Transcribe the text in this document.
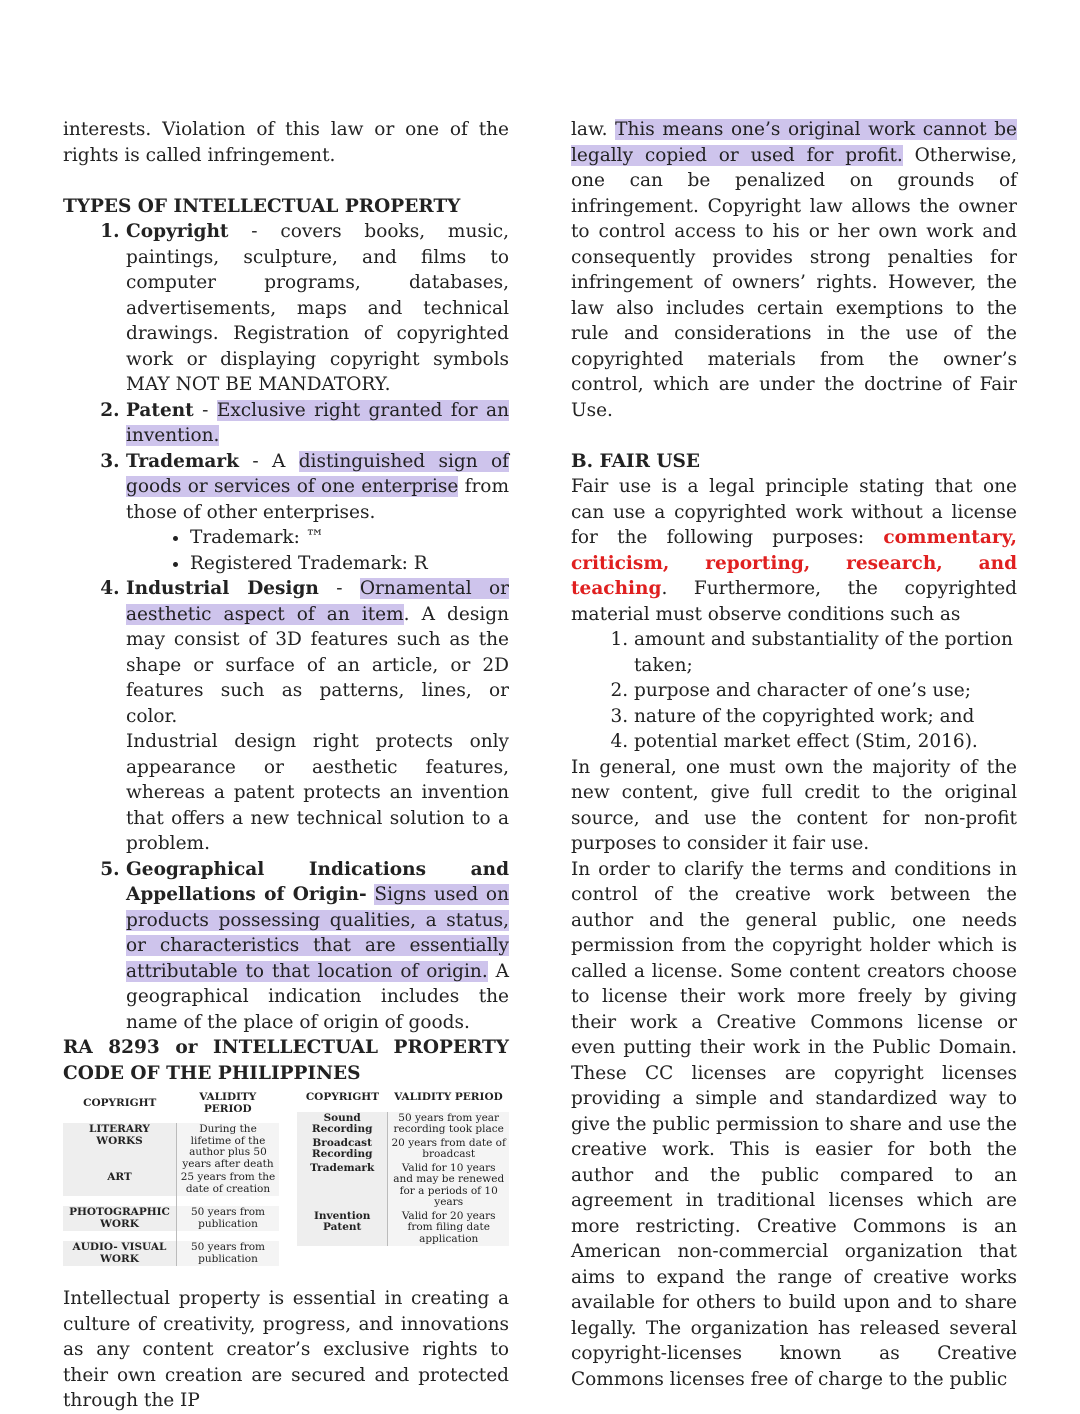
interests. Violation of this law or one of the rights is called infringement.

TYPES OF INTELLECTUAL PROPERTY

1. Copyright - covers books, music, paintings, sculpture, and films to computer programs, databases, advertisements, maps and technical drawings. Registration of copyrighted work or displaying copyright symbols MAY NOT BE MANDATORY.
2. Patent - Exclusive right granted for an invention.
3. Trademark - A distinguished sign of goods or services of one enterprise from those of other enterprises.
• Trademark: ™
• Registered Trademark: R
4. Industrial Design - Ornamental or aesthetic aspect of an item. A design may consist of 3D features such as the shape or surface of an article, or 2D features such as patterns, lines, or color.

Industrial design right protects only appearance or aesthetic features, whereas a patent protects an invention that offers a new technical solution to a problem.

5. Geographical Indications and Appellations of Origin- Signs used on products possessing qualities, a status, or characteristics that are essentially attributable to that location of origin. A geographical indication includes the name of the place of origin of goods.

RA 8293 or INTELLECTUAL PROPERTY CODE OF THE PHILIPPINES

COPYRIGHT	VALIDITY PERIOD
LITERARY WORKS	During the lifetime of the author plus 50 years after death
ART	25 years from the date of creation

PHOTOGRAPHIC WORK	50 years from publication

AUDIO- VISUAL WORK	50 years from publication
COPYRIGHT	VALIDITY PERIOD
Sound Recording	50 years from year recording took place
Broadcast Recording	20 years from date of broadcast
Trademark	Valid for 10 years and may be renewed for a periods of 10 years
Invention Patent	Valid for 20 years from filing date application

Intellectual property is essential in creating a culture of creativity, progress, and innovations as any content creator’s exclusive rights to their own creation are secured and protected through the IP

law. This means one’s original work cannot be legally copied or used for profit. Otherwise, one can be penalized on grounds of infringement. Copyright law allows the owner to control access to his or her own work and consequently provides strong penalties for infringement of owners’ rights. However, the law also includes certain exemptions to the rule and considerations in the use of the copyrighted materials from the owner’s control, which are under the doctrine of Fair Use.

B. FAIR USE

Fair use is a legal principle stating that one can use a copyrighted work without a license for the following purposes: commentary, criticism, reporting, research, and teaching. Furthermore, the copyrighted material must observe conditions such as

1. amount and substantiality of the portion taken;
2. purpose and character of one’s use;
3. nature of the copyrighted work; and
4. potential market effect (Stim, 2016).

In general, one must own the majority of the new content, give full credit to the original source, and use the content for non-profit purposes to consider it fair use.

In order to clarify the terms and conditions in control of the creative work between the author and the general public, one needs permission from the copyright holder which is called a license. Some content creators choose to license their work more freely by giving their work a Creative Commons license or even putting their work in the Public Domain. These CC licenses are copyright licenses providing a simple and standardized way to give the public permission to share and use the creative work. This is easier for both the author and the public compared to an agreement in traditional licenses which are more restricting. Creative Commons is an American non-commercial organization that aims to expand the range of creative works available for others to build upon and to share legally. The organization has released several copyright-licenses known as Creative Commons licenses free of charge to the public
